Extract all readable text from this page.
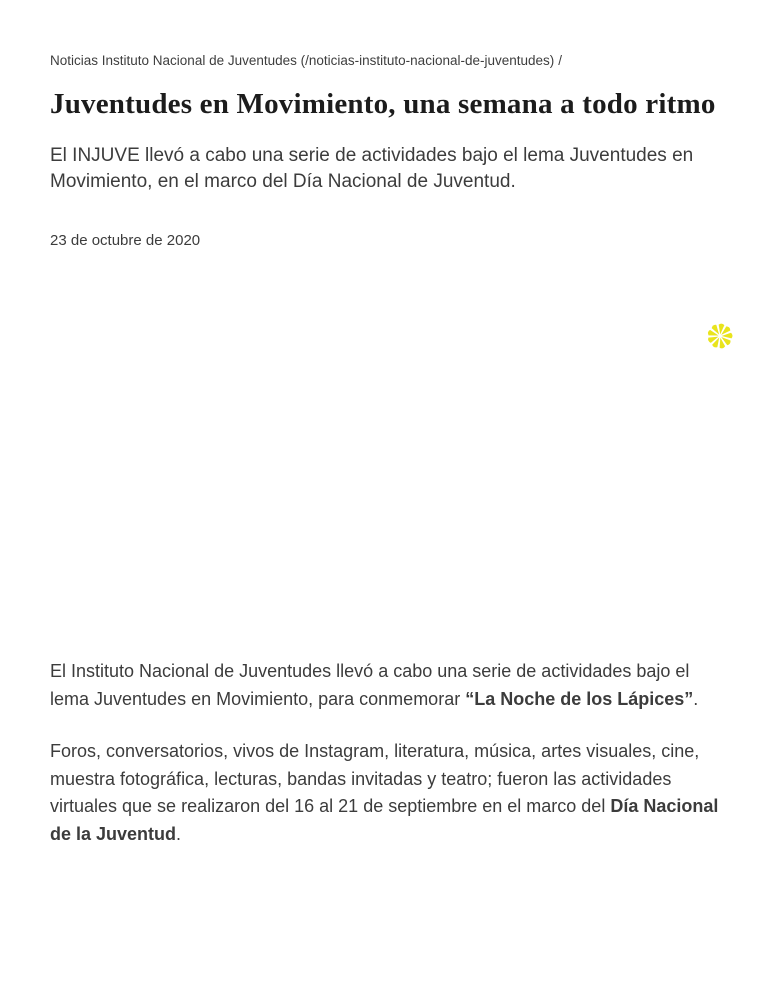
Noticias Instituto Nacional de Juventudes (/noticias-instituto-nacional-de-juventudes) /
Juventudes en Movimiento, una semana a todo ritmo

El INJUVE llevó a cabo una serie de actividades bajo el lema Juventudes en Movimiento, en el marco del Día Nacional de Juventud.

23 de octubre de 2020

El Instituto Nacional de Juventudes llevó a cabo una serie de actividades bajo el lema Juventudes en Movimiento, para conmemorar “La Noche de los Lápices”.

Foros, conversatorios, vivos de Instagram, literatura, música, artes visuales, cine, muestra fotográfica, lecturas, bandas invitadas y teatro; fueron las actividades virtuales que se realizaron del 16 al 21 de septiembre en el marco del Día Nacional de la Juventud.
